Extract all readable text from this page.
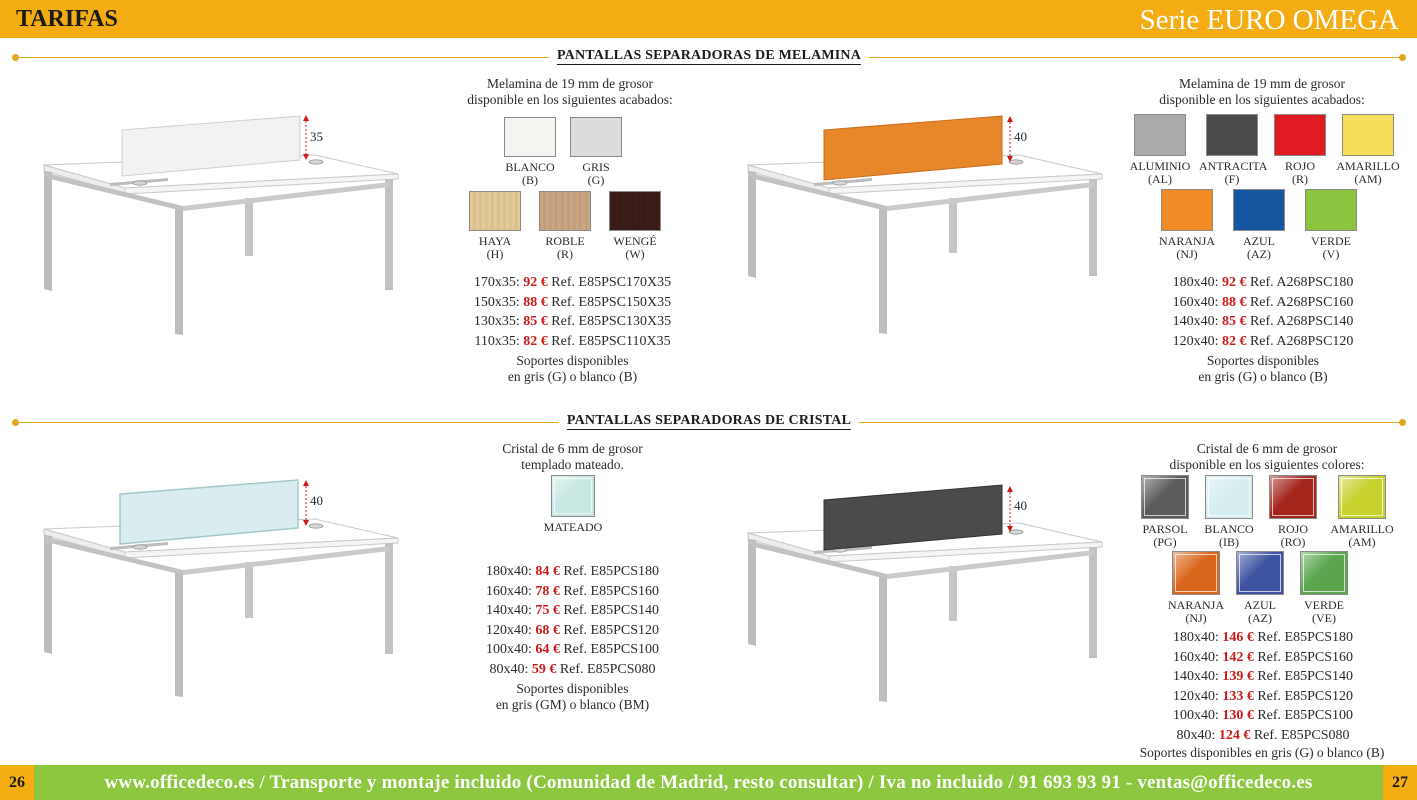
TARIFAS	Serie EURO OMEGA
PANTALLAS SEPARADORAS DE MELAMINA
PANTALLAS SEPARADORAS DE CRISTAL
35	40
40	40
Melamina de 19 mm de grosor
disponible en los siguientes acabados:
BLANCO
(B)
GRIS
(G)
HAYA
(H)
ROBLE
(R)
WENGÉ
(W)
170x35: 92 € Ref. E85PSC170X35
150x35: 88 € Ref. E85PSC150X35
130x35: 85 € Ref. E85PSC130X35
110x35: 82 € Ref. E85PSC110X35
Soportes disponibles
en gris (G) o blanco (B)
Melamina de 19 mm de grosor
disponible en los siguientes acabados:
ALUMINIO
(AL)
ANTRACITA
(F)
ROJO
(R)
AMARILLO
(AM)
NARANJA
(NJ)
AZUL
(AZ)
VERDE
(V)
180x40: 92 € Ref. A268PSC180
160x40: 88 € Ref. A268PSC160
140x40: 85 € Ref. A268PSC140
120x40: 82 € Ref. A268PSC120
Soportes disponibles
en gris (G) o blanco (B)
Cristal de 6 mm de grosor
templado mateado.
MATEADO
180x40: 84 € Ref. E85PCS180
160x40: 78 € Ref. E85PCS160
140x40: 75 € Ref. E85PCS140
120x40: 68 € Ref. E85PCS120
100x40: 64 € Ref. E85PCS100
80x40: 59 € Ref. E85PCS080
Soportes disponibles
en gris (GM) o blanco (BM)
Cristal de 6 mm de grosor
disponible en los siguientes colores:
PARSOL
(PG)
BLANCO
(IB)
ROJO
(RO)
AMARILLO
(AM)
NARANJA
(NJ)
AZUL
(AZ)
VERDE
(VE)
180x40: 146 € Ref. E85PCS180
160x40: 142 € Ref. E85PCS160
140x40: 139 € Ref. E85PCS140
120x40: 133 € Ref. E85PCS120
100x40: 130 € Ref. E85PCS100
80x40: 124 € Ref. E85PCS080
Soportes disponibles en gris (G) o blanco (B)
26	www.officedeco.es / Transporte y montaje incluido (Comunidad de Madrid, resto consultar) / Iva no incluido / 91 693 93 91 - ventas@officedeco.es	27
